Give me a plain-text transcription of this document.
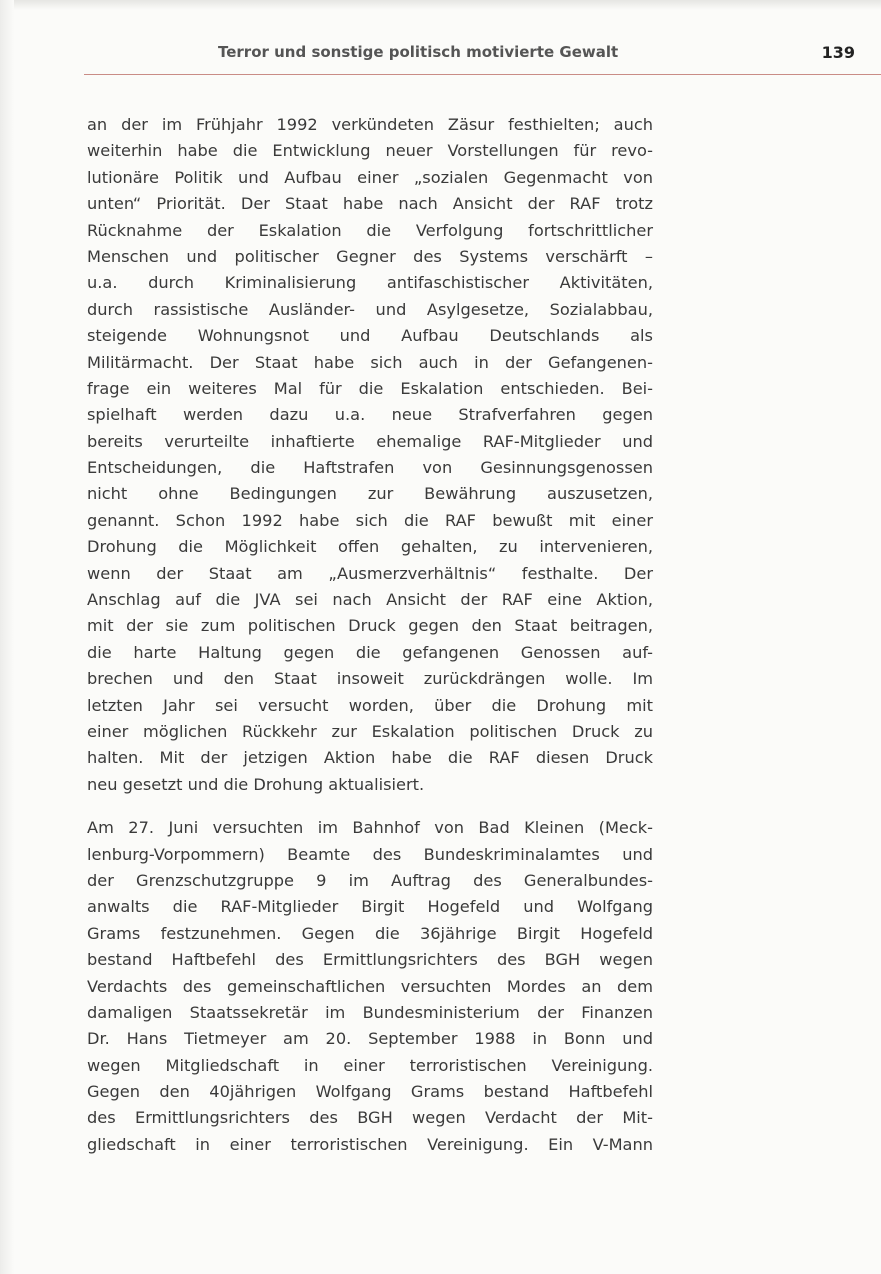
Terror und sonstige politisch motivierte Gewalt	139
an der im Frühjahr 1992 verkündeten Zäsur festhielten; auch
weiterhin habe die Entwicklung neuer Vorstellungen für revo-
lutionäre Politik und Aufbau einer „sozialen Gegenmacht von
unten“ Priorität. Der Staat habe nach Ansicht der RAF trotz
Rücknahme der Eskalation die Verfolgung fortschrittlicher
Menschen und politischer Gegner des Systems verschärft –
u.a. durch Kriminalisierung antifaschistischer Aktivitäten,
durch rassistische Ausländer- und Asylgesetze, Sozialabbau,
steigende Wohnungsnot und Aufbau Deutschlands als
Militärmacht. Der Staat habe sich auch in der Gefangenen-
frage ein weiteres Mal für die Eskalation entschieden. Bei-
spielhaft werden dazu u.a. neue Strafverfahren gegen
bereits verurteilte inhaftierte ehemalige RAF-Mitglieder und
Entscheidungen, die Haftstrafen von Gesinnungsgenossen
nicht ohne Bedingungen zur Bewährung auszusetzen,
genannt. Schon 1992 habe sich die RAF bewußt mit einer
Drohung die Möglichkeit offen gehalten, zu intervenieren,
wenn der Staat am „Ausmerzverhältnis“ festhalte. Der
Anschlag auf die JVA sei nach Ansicht der RAF eine Aktion,
mit der sie zum politischen Druck gegen den Staat beitragen,
die harte Haltung gegen die gefangenen Genossen auf-
brechen und den Staat insoweit zurückdrängen wolle. Im
letzten Jahr sei versucht worden, über die Drohung mit
einer möglichen Rückkehr zur Eskalation politischen Druck zu
halten. Mit der jetzigen Aktion habe die RAF diesen Druck
neu gesetzt und die Drohung aktualisiert.
Am 27. Juni versuchten im Bahnhof von Bad Kleinen (Meck-
lenburg-Vorpommern) Beamte des Bundeskriminalamtes und
der Grenzschutzgruppe 9 im Auftrag des Generalbundes-
anwalts die RAF-Mitglieder Birgit Hogefeld und Wolfgang
Grams festzunehmen. Gegen die 36jährige Birgit Hogefeld
bestand Haftbefehl des Ermittlungsrichters des BGH wegen
Verdachts des gemeinschaftlichen versuchten Mordes an dem
damaligen Staatssekretär im Bundesministerium der Finanzen
Dr. Hans Tietmeyer am 20. September 1988 in Bonn und
wegen Mitgliedschaft in einer terroristischen Vereinigung.
Gegen den 40jährigen Wolfgang Grams bestand Haftbefehl
des Ermittlungsrichters des BGH wegen Verdacht der Mit-
gliedschaft in einer terroristischen Vereinigung. Ein V-Mann
